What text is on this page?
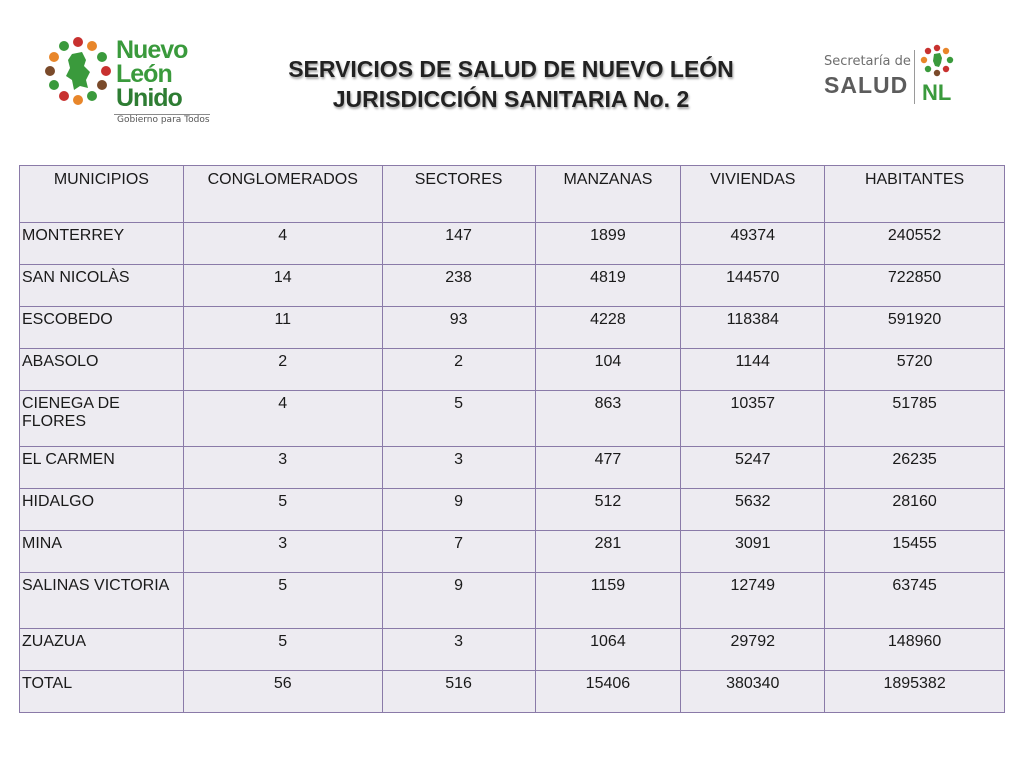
Nuevo
León
Unido
Gobierno para Todos
SERVICIOS DE SALUD DE NUEVO LEÓN
JURISDICCIÓN SANITARIA No. 2
Secretaría de
SALUD NL
MUNICIPIOS	CONGLOMERADOS	SECTORES	MANZANAS	VIVIENDAS	HABITANTES
MONTERREY	4	147	1899	49374	240552
SAN NICOLÀS	14	238	4819	144570	722850
ESCOBEDO	11	93	4228	118384	591920
ABASOLO	2	2	104	1144	5720
CIENEGA DE FLORES	4	5	863	10357	51785
EL CARMEN	3	3	477	5247	26235
HIDALGO	5	9	512	5632	28160
MINA	3	7	281	3091	15455
SALINAS VICTORIA	5	9	1159	12749	63745
ZUAZUA	5	3	1064	29792	148960
TOTAL	56	516	15406	380340	1895382
